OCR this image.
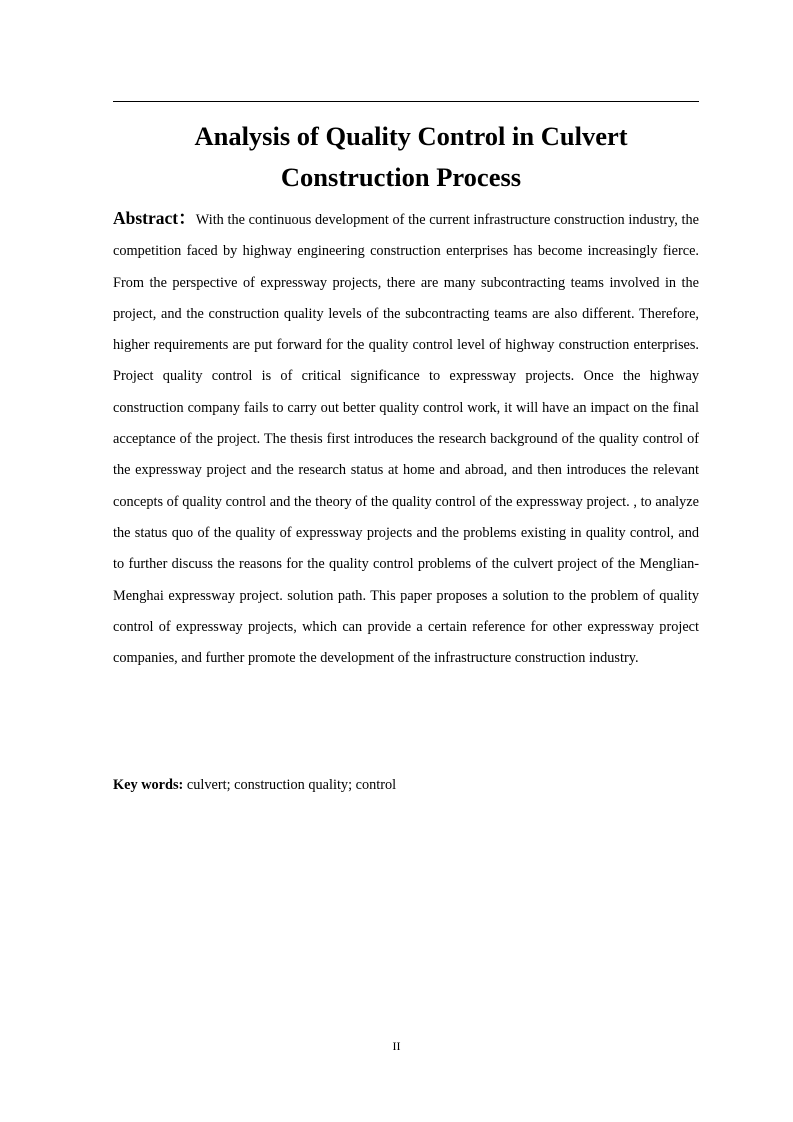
Analysis of Quality Control in Culvert
Construction Process

Abstract：With the continuous development of the current infrastructure construction industry, the competition faced by highway engineering construction enterprises has become increasingly fierce. From the perspective of expressway projects, there are many subcontracting teams involved in the project, and the construction quality levels of the subcontracting teams are also different. Therefore, higher requirements are put forward for the quality control level of highway construction enterprises. Project quality control is of critical significance to expressway projects. Once the highway construction company fails to carry out better quality control work, it will have an impact on the final acceptance of the project. The thesis first introduces the research background of the quality control of the expressway project and the research status at home and abroad, and then introduces the relevant concepts of quality control and the theory of the quality control of the expressway project. , to analyze the status quo of the quality of expressway projects and the problems existing in quality control, and to further discuss the reasons for the quality control problems of the culvert project of the Menglian-Menghai expressway project. solution path. This paper proposes a solution to the problem of quality control of expressway projects, which can provide a certain reference for other expressway project companies, and further promote the development of the infrastructure construction industry.

Key words: culvert; construction quality; control

II
